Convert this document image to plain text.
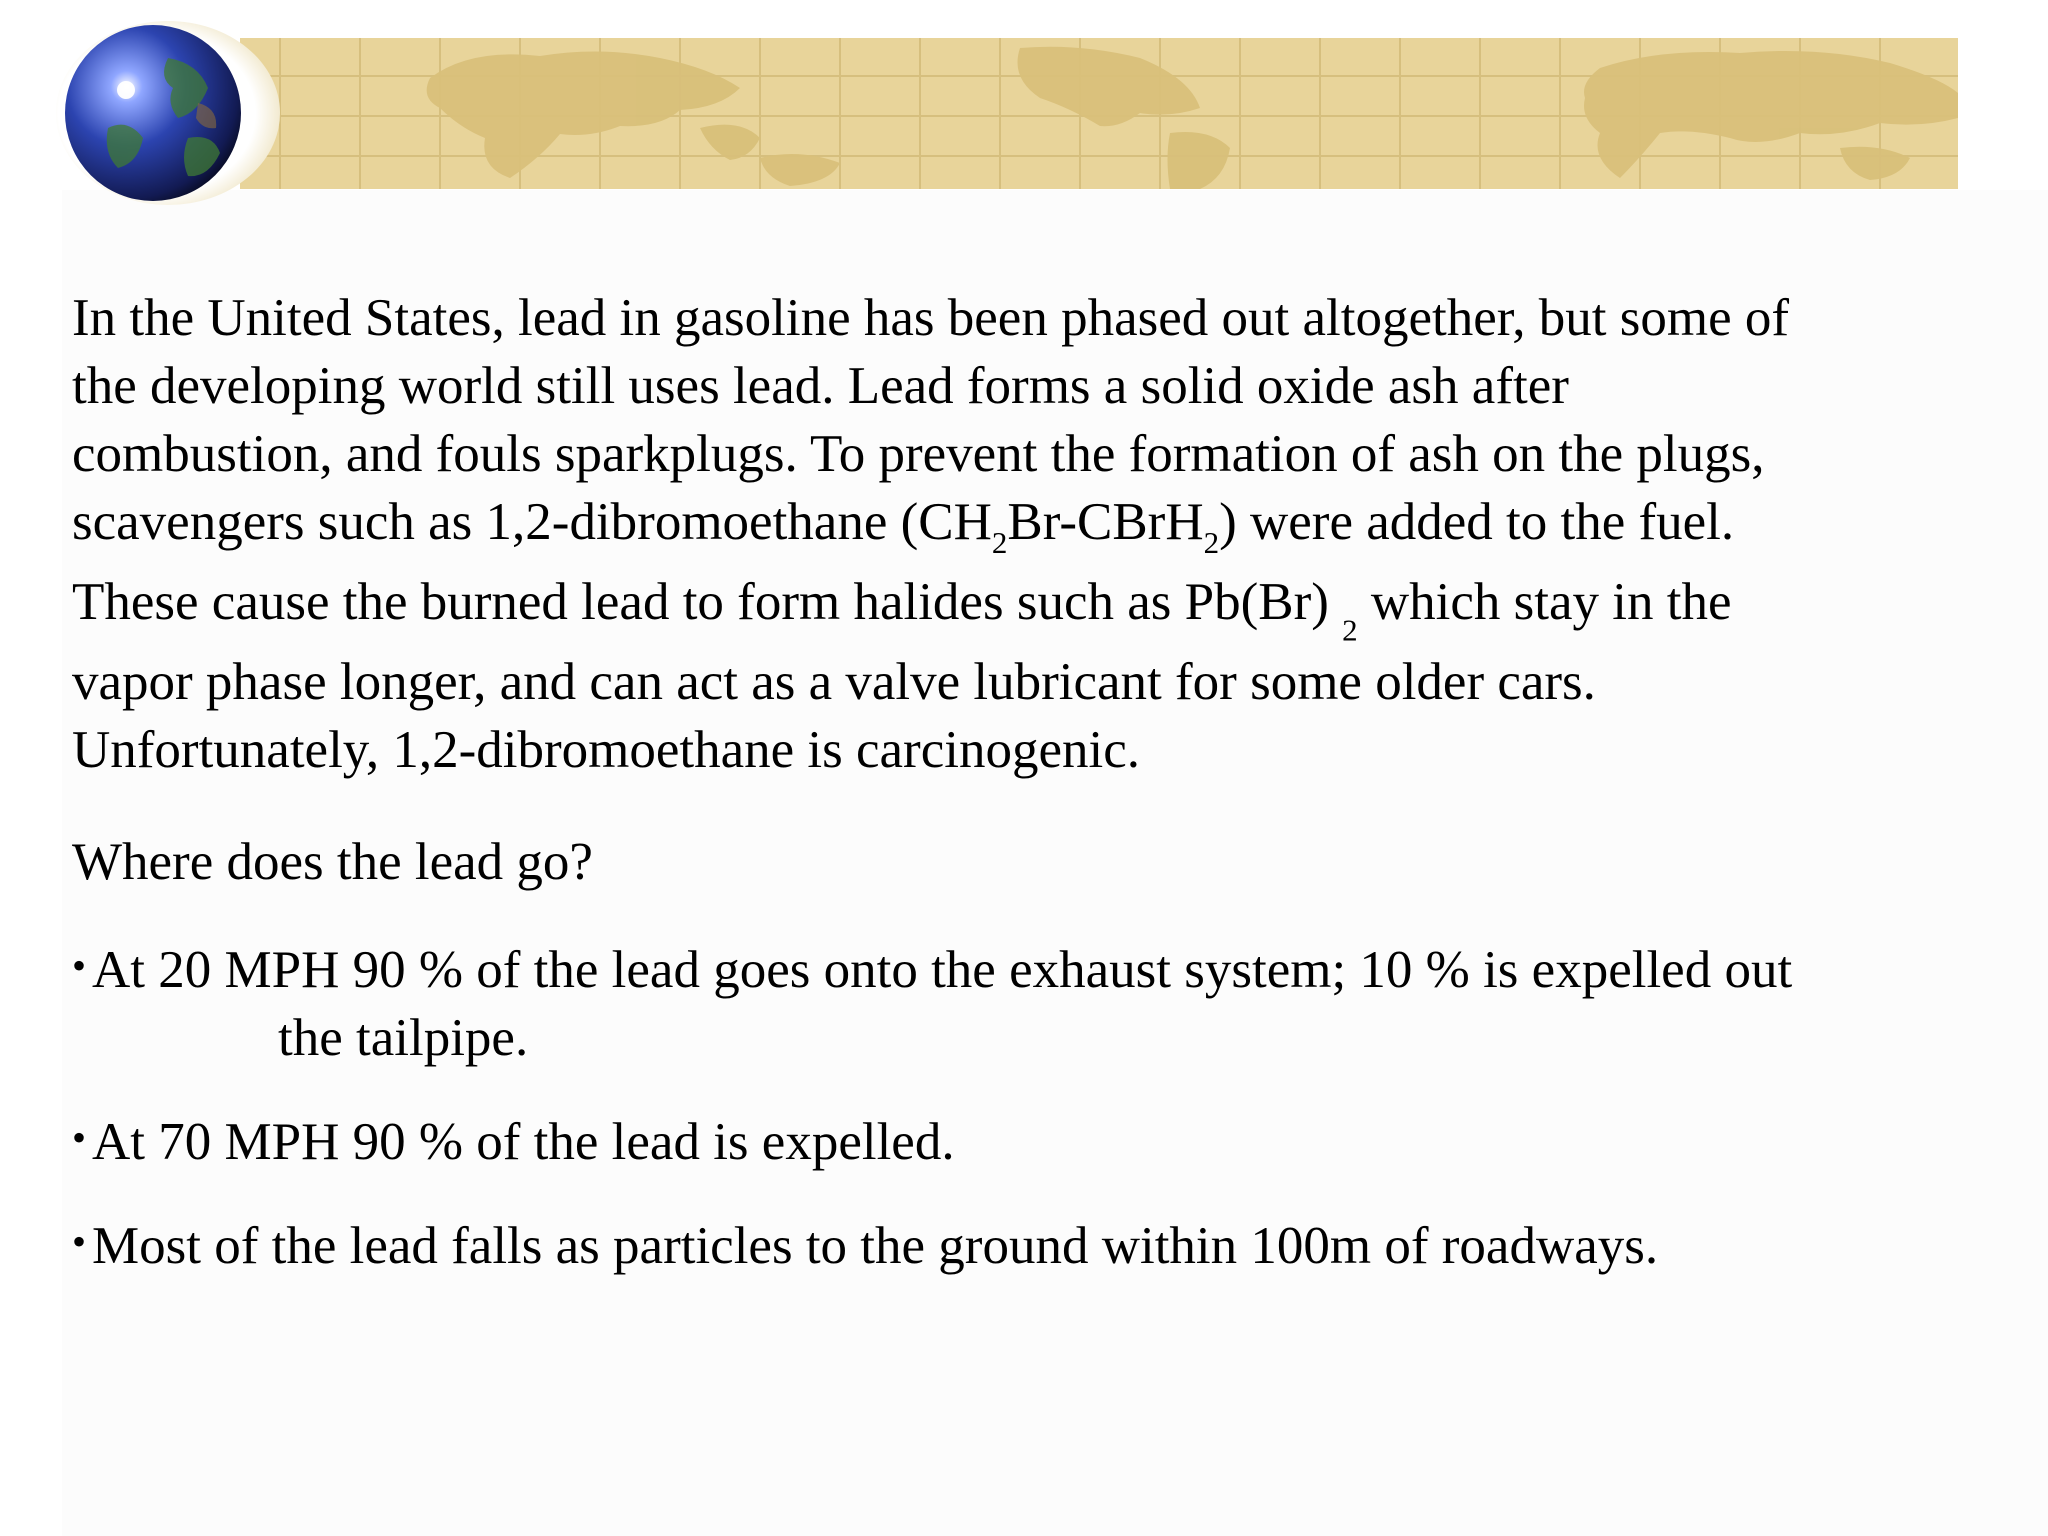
In the United States, lead in gasoline has been phased out altogether, but some of
the developing world still uses lead. Lead forms a solid oxide ash after
combustion, and fouls sparkplugs. To prevent the formation of ash on the plugs,
scavengers such as 1,2-dibromoethane $(CH_2Br-CBrH_2)$ were added to the fuel.
These cause the burned lead to form halides such as Pb(Br) $_2$ which stay in the
vapor phase longer, and can act as a valve lubricant for some older cars.
Unfortunately, 1,2-dibromoethane is carcinogenic.

Where does the lead go?

• At 20 MPH 90 % of the lead goes onto the exhaust system; 10 % is expelled out
the tailpipe.
• At 70 MPH 90 % of the lead is expelled.
• Most of the lead falls as particles to the ground within 100m of roadways.
